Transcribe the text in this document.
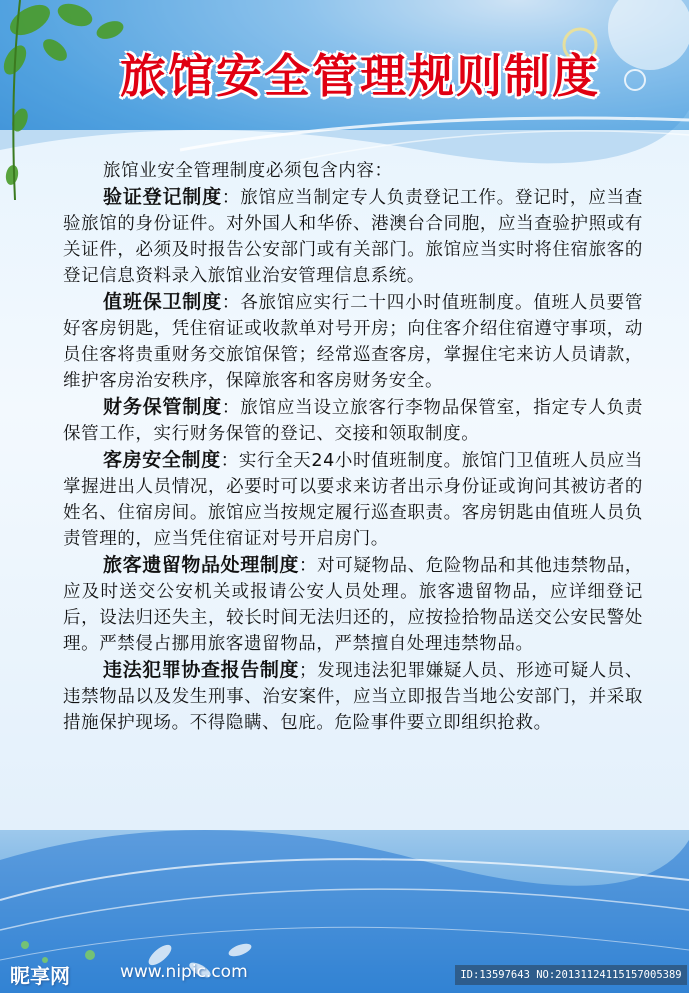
旅馆安全管理规则制度

旅馆业安全管理制度必须包含内容：

验证登记制度：旅馆应当制定专人负责登记工作。登记时，应当查验旅馆的身份证件。对外国人和华侨、港澳台合同胞，应当查验护照或有关证件，必须及时报告公安部门或有关部门。旅馆应当实时将住宿旅客的登记信息资料录入旅馆业治安管理信息系统。

值班保卫制度：各旅馆应实行二十四小时值班制度。值班人员要管好客房钥匙，凭住宿证或收款单对号开房；向住客介绍住宿遵守事项，动员住客将贵重财务交旅馆保管；经常巡查客房，掌握住宅来访人员请款，维护客房治安秩序，保障旅客和客房财务安全。

财务保管制度：旅馆应当设立旅客行李物品保管室，指定专人负责保管工作，实行财务保管的登记、交接和领取制度。

客房安全制度：实行全天24小时值班制度。旅馆门卫值班人员应当掌握进出人员情况，必要时可以要求来访者出示身份证或询问其被访者的姓名、住宿房间。旅馆应当按规定履行巡查职责。客房钥匙由值班人员负责管理的，应当凭住宿证对号开启房门。

旅客遗留物品处理制度：对可疑物品、危险物品和其他违禁物品，应及时送交公安机关或报请公安人员处理。旅客遗留物品，应详细登记后，设法归还失主，较长时间无法归还的，应按捡拾物品送交公安民警处理。严禁侵占挪用旅客遗留物品，严禁擅自处理违禁物品。

违法犯罪协查报告制度；发现违法犯罪嫌疑人员、形迹可疑人员、违禁物品以及发生刑事、治安案件，应当立即报告当地公安部门，并采取措施保护现场。不得隐瞒、包庇。危险事件要立即组织抢救。

昵享网	www.nipic.com	ID:13597643 NO:20131124115157005389
